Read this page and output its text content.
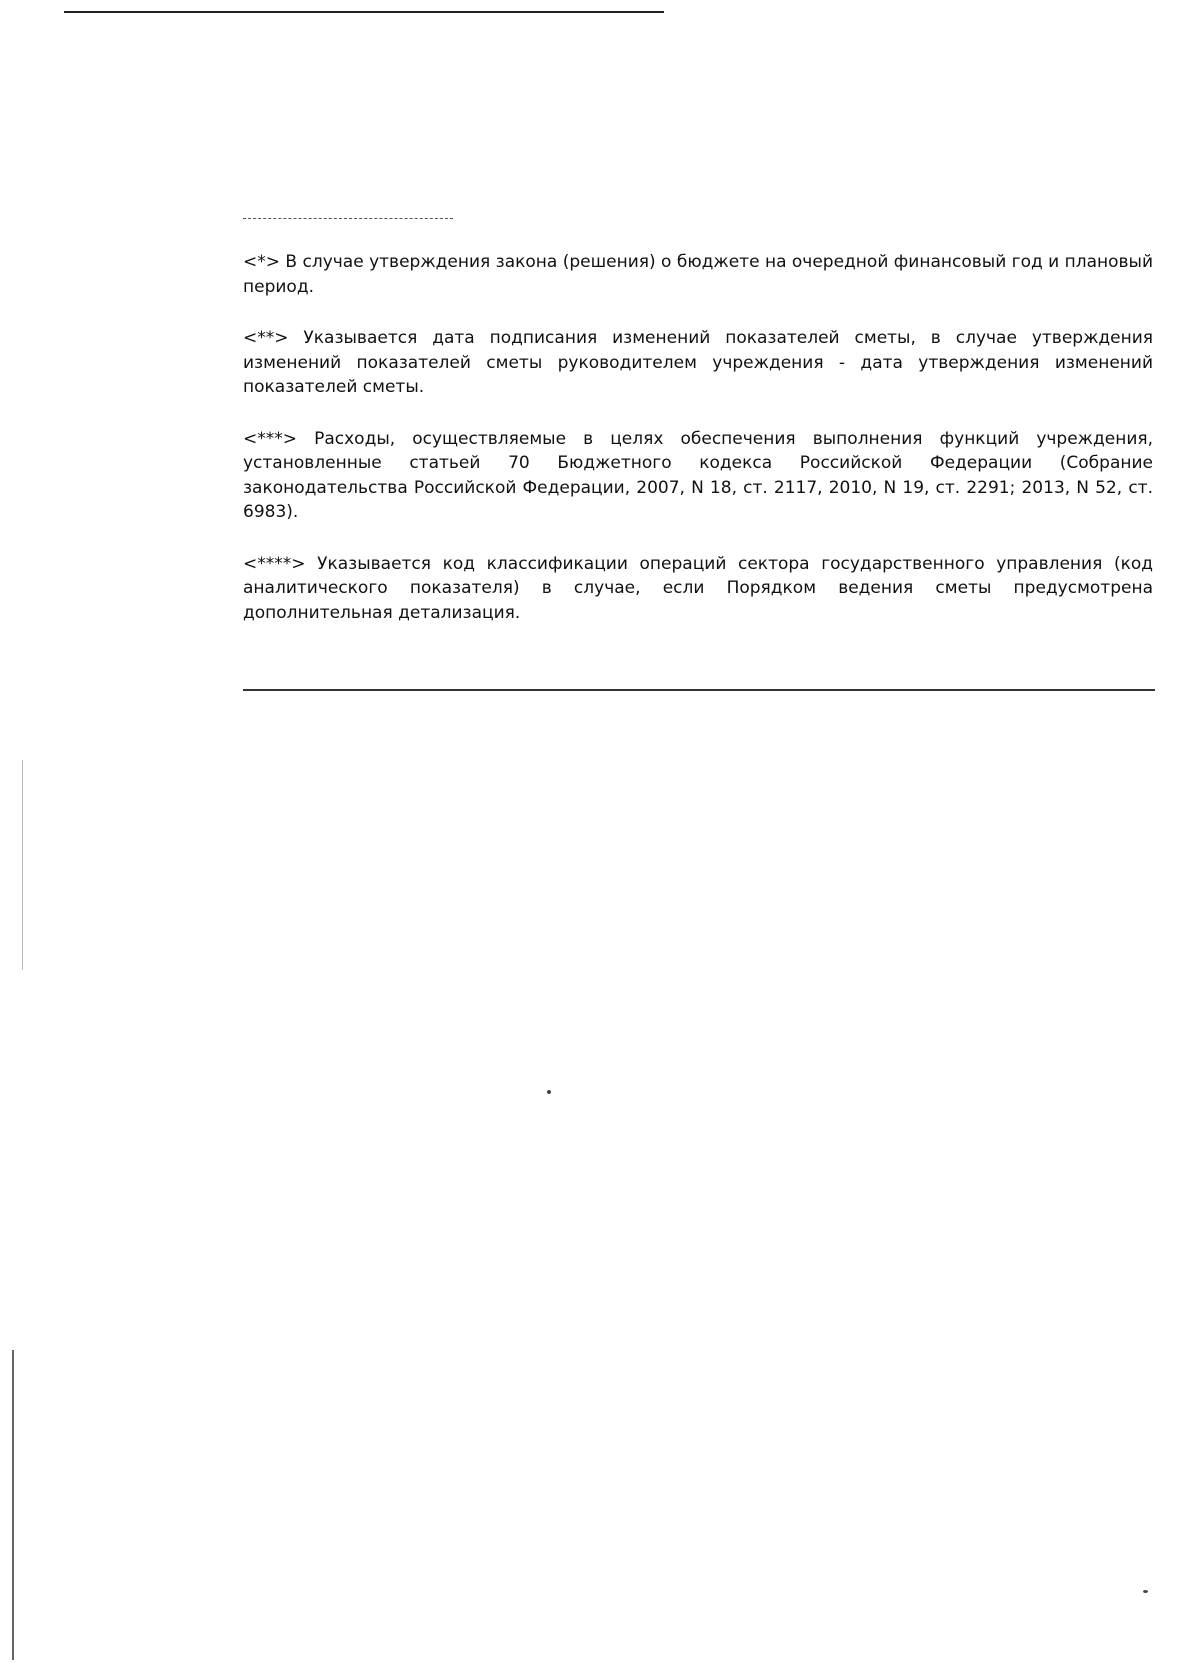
<*> В случае утверждения закона (решения) о бюджете на очередной финансовый год и плановый период.

<**> Указывается дата подписания изменений показателей сметы, в случае утверждения изменений показателей сметы руководителем учреждения - дата утверждения изменений показателей сметы.

<***> Расходы, осуществляемые в целях обеспечения выполнения функций учреждения, установленные статьей 70 Бюджетного кодекса Российской Федерации (Собрание законодательства Российской Федерации, 2007, N 18, ст. 2117, 2010, N 19, ст. 2291; 2013, N 52, ст. 6983).

<****> Указывается код классификации операций сектора государственного управления (код аналитического показателя) в случае, если Порядком ведения сметы предусмотрена дополнительная детализация.
